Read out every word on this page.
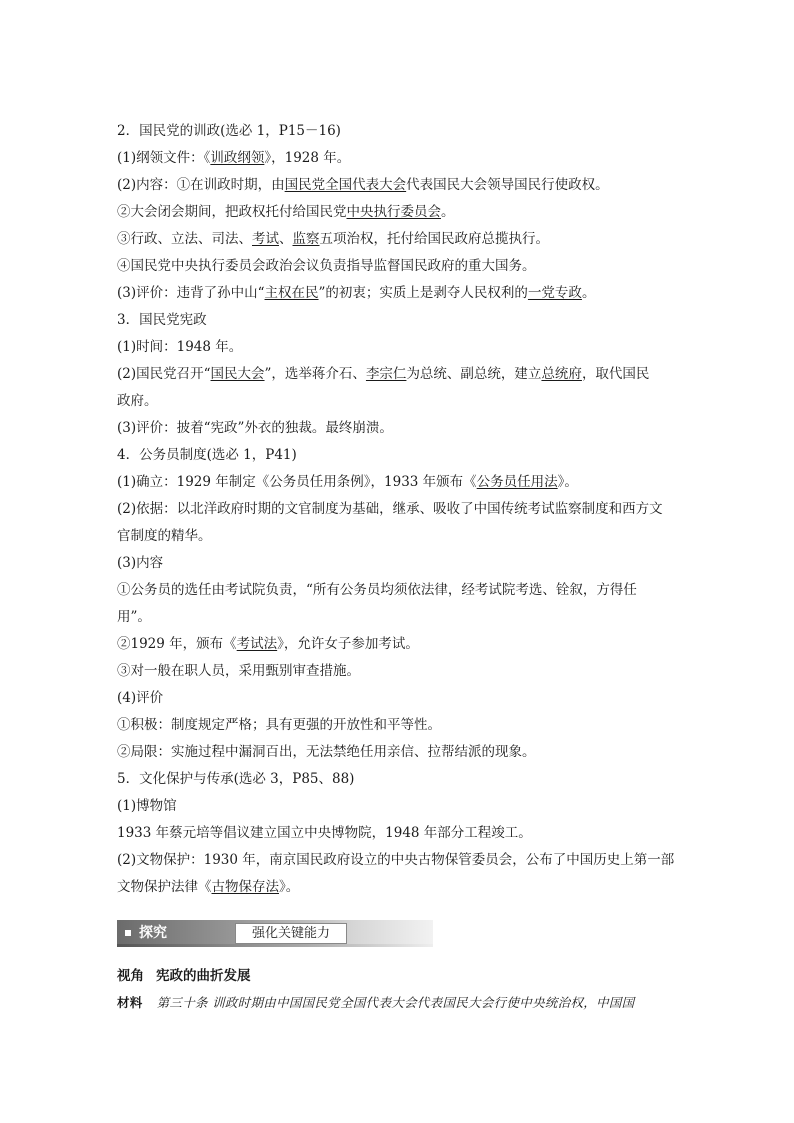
2．国民党的训政(选必 1，P15－16)
(1)纲领文件：《训政纲领》，1928 年。
(2)内容：①在训政时期，由国民党全国代表大会代表国民大会领导国民行使政权。
②大会闭会期间，把政权托付给国民党中央执行委员会。
③行政、立法、司法、考试、监察五项治权，托付给国民政府总揽执行。
④国民党中央执行委员会政治会议负责指导监督国民政府的重大国务。
(3)评价：违背了孙中山“主权在民”的初衷；实质上是剥夺人民权利的一党专政。
3．国民党宪政
(1)时间：1948 年。
(2)国民党召开“国民大会”，选举蒋介石、李宗仁为总统、副总统，建立总统府，取代国民
政府。
(3)评价：披着“宪政”外衣的独裁。最终崩溃。
4．公务员制度(选必 1，P41)
(1)确立：1929 年制定《公务员任用条例》，1933 年颁布《公务员任用法》。
(2)依据：以北洋政府时期的文官制度为基础，继承、吸收了中国传统考试监察制度和西方文
官制度的精华。
(3)内容
①公务员的选任由考试院负责，“所有公务员均须依法律，经考试院考选、铨叙，方得任
用”。
②1929 年，颁布《考试法》，允许女子参加考试。
③对一般在职人员，采用甄别审查措施。
(4)评价
①积极：制度规定严格；具有更强的开放性和平等性。
②局限：实施过程中漏洞百出，无法禁绝任用亲信、拉帮结派的现象。
5．文化保护与传承(选必 3，P85、88)
(1)博物馆
1933 年蔡元培等倡议建立国立中央博物院，1948 年部分工程竣工。
(2)文物保护：1930 年，南京国民政府设立的中央古物保管委员会，公布了中国历史上第一部
文物保护法律《古物保存法》。
探究	强化关键能力
视角 宪政的曲折发展
材料 第三十条 训政时期由中国国民党全国代表大会代表国民大会行使中央统治权，中国国
